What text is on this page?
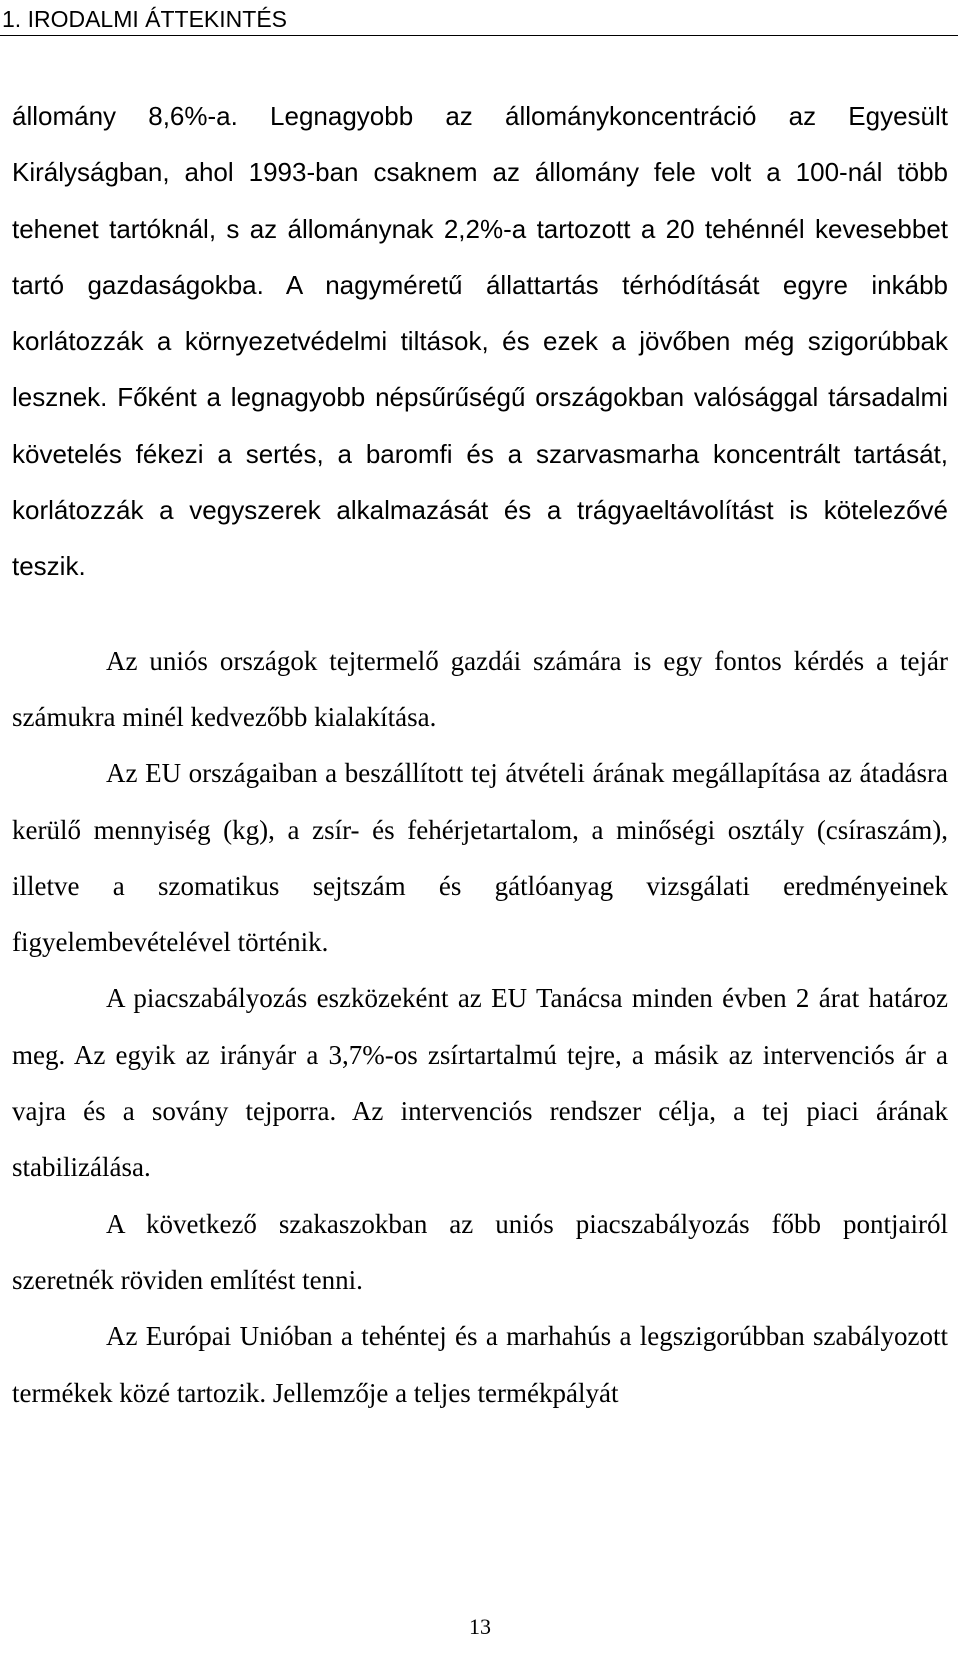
1. IRODALMI ÁTTEKINTÉS

állomány 8,6%-a. Legnagyobb az állománykoncentráció az Egyesült Királyságban, ahol 1993-ban csaknem az állomány fele volt a 100-nál több tehenet tartóknál, s az állománynak 2,2%-a tartozott a 20 tehénnél kevesebbet tartó gazdaságokba. A nagyméretű állattartás térhódítását egyre inkább korlátozzák a környezetvédelmi tiltások, és ezek a jövőben még szigorúbbak lesznek. Főként a legnagyobb népsűrűségű országokban valósággal társadalmi követelés fékezi a sertés, a baromfi és a szarvasmarha koncentrált tartását, korlátozzák a vegyszerek alkalmazását és a trágyaeltávolítást is kötelezővé teszik.

Az uniós országok tejtermelő gazdái számára is egy fontos kérdés a tejár számukra minél kedvezőbb kialakítása.

Az EU országaiban a beszállított tej átvételi árának megállapítása az átadásra kerülő mennyiség (kg), a zsír- és fehérjetartalom, a minőségi osztály (csíraszám), illetve a szomatikus sejtszám és gátlóanyag vizsgálati eredményeinek figyelembevételével történik.

A piacszabályozás eszközeként az EU Tanácsa minden évben 2 árat határoz meg. Az egyik az irányár a 3,7%-os zsírtartalmú tejre, a másik az intervenciós ár a vajra és a sovány tejporra. Az intervenciós rendszer célja, a tej piaci árának stabilizálása.

A következő szakaszokban az uniós piacszabályozás főbb pontjairól szeretnék röviden említést tenni.

Az Európai Unióban a tehéntej és a marhahús a legszigorúbban szabályozott termékek közé tartozik. Jellemzője a teljes termékpályát

13
